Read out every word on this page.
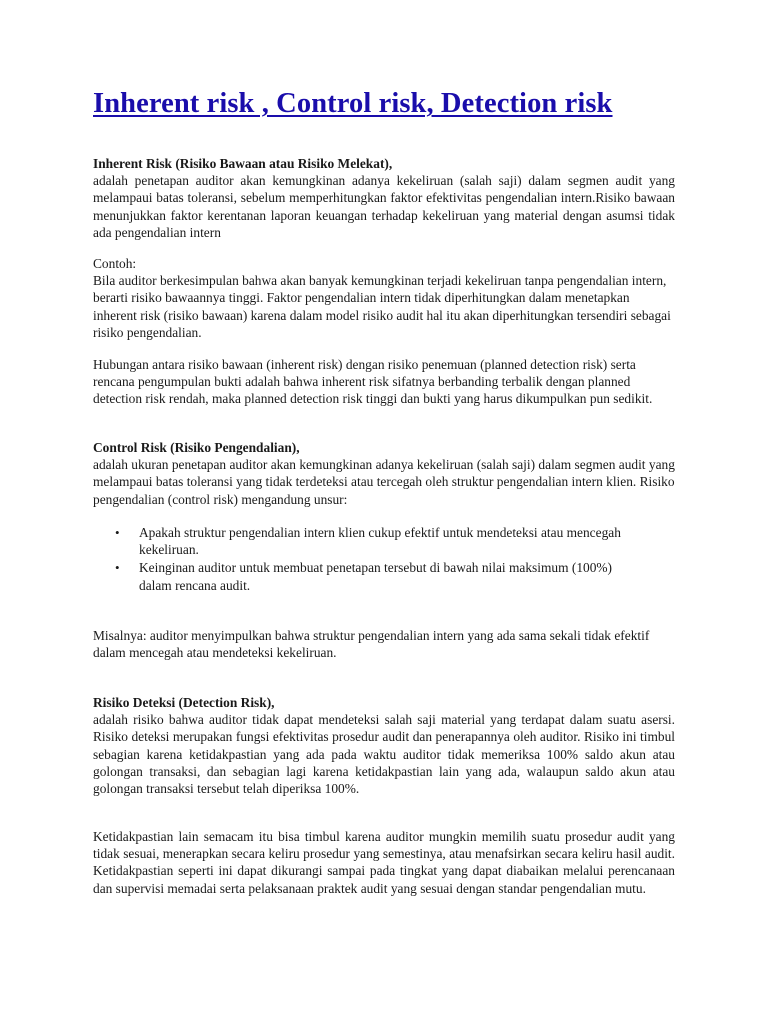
Inherent risk , Control risk, Detection risk
Inherent Risk (Risiko Bawaan atau Risiko Melekat),
adalah penetapan auditor akan kemungkinan adanya kekeliruan (salah saji) dalam segmen audit yang melampaui batas toleransi, sebelum memperhitungkan faktor efektivitas pengendalian intern.Risiko bawaan menunjukkan faktor kerentanan laporan keuangan terhadap kekeliruan yang material dengan asumsi tidak ada pengendalian intern
Contoh:
Bila auditor berkesimpulan bahwa akan banyak kemungkinan terjadi kekeliruan tanpa pengendalian intern, berarti risiko bawaannya tinggi. Faktor pengendalian intern tidak diperhitungkan dalam menetapkan inherent risk (risiko bawaan) karena dalam model risiko audit hal itu akan diperhitungkan tersendiri sebagai risiko pengendalian.
Hubungan antara risiko bawaan (inherent risk) dengan risiko penemuan (planned detection risk) serta rencana pengumpulan bukti adalah bahwa inherent risk sifatnya berbanding terbalik dengan planned detection risk rendah, maka planned detection risk tinggi dan bukti yang harus dikumpulkan pun sedikit.
Control Risk (Risiko Pengendalian),
adalah ukuran penetapan auditor akan kemungkinan adanya kekeliruan (salah saji) dalam segmen audit yang melampaui batas toleransi yang tidak terdeteksi atau tercegah oleh struktur pengendalian intern klien. Risiko pengendalian (control risk) mengandung unsur:
• Apakah struktur pengendalian intern klien cukup efektif untuk mendeteksi atau mencegah kekeliruan.
• Keinginan auditor untuk membuat penetapan tersebut di bawah nilai maksimum (100%) dalam rencana audit.
Misalnya: auditor menyimpulkan bahwa struktur pengendalian intern yang ada sama sekali tidak efektif dalam mencegah atau mendeteksi kekeliruan.
Risiko Deteksi (Detection Risk),
adalah risiko bahwa auditor tidak dapat mendeteksi salah saji material yang terdapat dalam suatu asersi. Risiko deteksi merupakan fungsi efektivitas prosedur audit dan penerapannya oleh auditor. Risiko ini timbul sebagian karena ketidakpastian yang ada pada waktu auditor tidak memeriksa 100% saldo akun atau golongan transaksi, dan sebagian lagi karena ketidakpastian lain yang ada, walaupun saldo akun atau golongan transaksi tersebut telah diperiksa 100%.
Ketidakpastian lain semacam itu bisa timbul karena auditor mungkin memilih suatu prosedur audit yang tidak sesuai, menerapkan secara keliru prosedur yang semestinya, atau menafsirkan secara keliru hasil audit. Ketidakpastian seperti ini dapat dikurangi sampai pada tingkat yang dapat diabaikan melalui perencanaan dan supervisi memadai serta pelaksanaan praktek audit yang sesuai dengan standar pengendalian mutu.
